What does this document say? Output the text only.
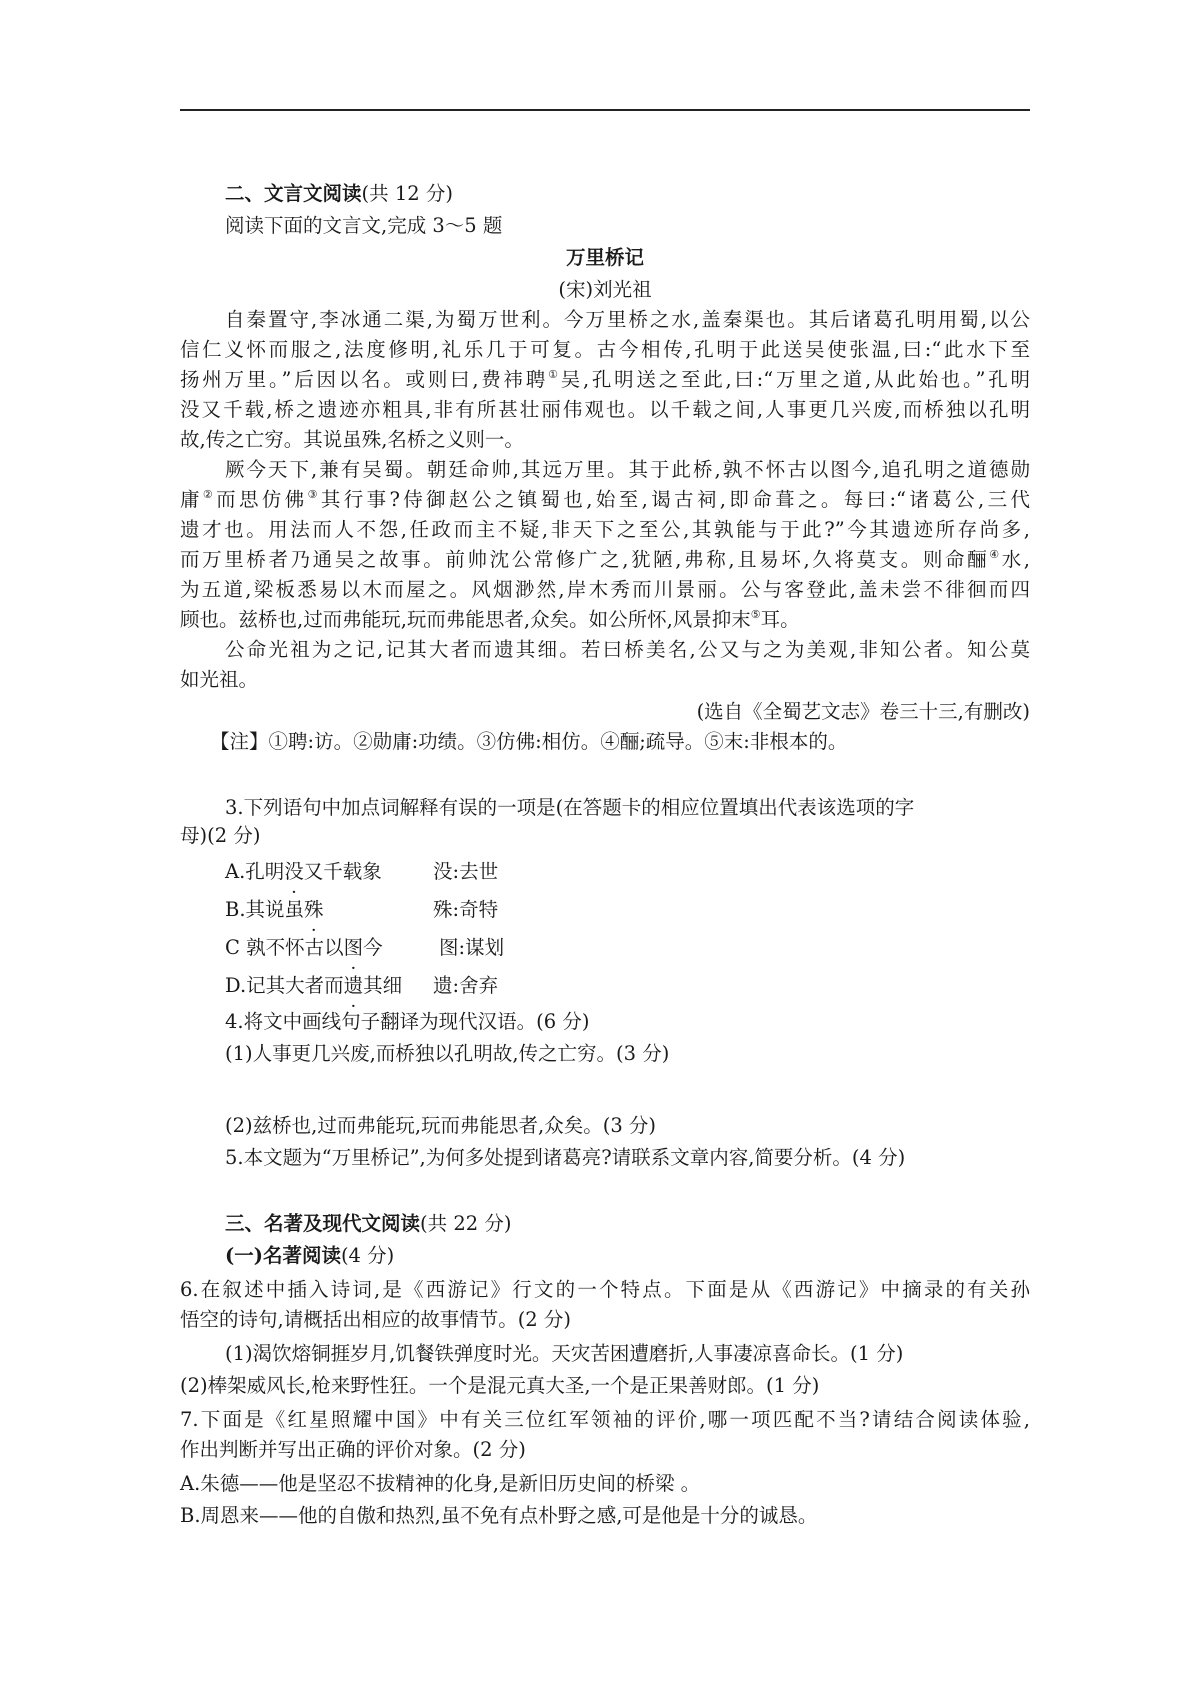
二、文言文阅读(共 12 分)
阅读下面的文言文,完成 3～5 题
万里桥记
(宋)刘光祖
自秦置守,李冰通二渠,为蜀万世利。今万里桥之水,盖秦渠也。其后诸葛孔明用蜀,以公
信仁义怀而服之,法度修明,礼乐几于可复。古今相传,孔明于此送吴使张温,曰:“此水下至
扬州万里。”后因以名。或则曰,费祎聘①吴,孔明送之至此,曰:“万里之道,从此始也。”孔明
没又千载,桥之遗迹亦粗具,非有所甚壮丽伟观也。以千载之间,人事更几兴废,而桥独以孔明
故,传之亡穷。其说虽殊,名桥之义则一。
厥今天下,兼有吴蜀。朝廷命帅,其远万里。其于此桥,孰不怀古以图今,追孔明之道德勋
庸②而思仿佛③其行事?侍御赵公之镇蜀也,始至,谒古祠,即命葺之。每曰:“诸葛公,三代
遗才也。用法而人不怨,任政而主不疑,非天下之至公,其孰能与于此?”今其遗迹所存尚多,
而万里桥者乃通吴之故事。前帅沈公常修广之,犹陋,弗称,且易坏,久将莫支。则命酾④水,
为五道,梁板悉易以木而屋之。风烟渺然,岸木秀而川景丽。公与客登此,盖未尝不徘徊而四
顾也。兹桥也,过而弗能玩,玩而弗能思者,众矣。如公所怀,风景抑末⑤耳。
公命光祖为之记,记其大者而遗其细。若曰桥美名,公又与之为美观,非知公者。知公莫
如光祖。
(选自《全蜀艺文志》卷三十三,有删改)
【注】①聘:访。②勋庸:功绩。③仿佛:相仿。④酾;疏导。⑤末:非根本的。
3.下列语句中加点词解释有误的一项是(在答题卡的相应位置填出代表该选项的字
母)(2 分)
A.孔明没又千载象	没:去世
B.其说虽殊	殊:奇特
C 孰不怀古以图今	图:谋划
D.记其大者而遗其细 遗:舍弃
4.将文中画线句子翻译为现代汉语。(6 分)
(1)人事更几兴废,而桥独以孔明故,传之亡穷。(3 分)
(2)兹桥也,过而弗能玩,玩而弗能思者,众矣。(3 分)
5.本文题为“万里桥记”,为何多处提到诸葛亮?请联系文章内容,简要分析。(4 分)
三、名著及现代文阅读(共 22 分)
(一)名著阅读(4 分)
6.在叙述中插入诗词,是《西游记》行文的一个特点。下面是从《西游记》中摘录的有关孙
悟空的诗句,请概括出相应的故事情节。(2 分)
(1)渴饮熔铜捱岁月,饥餐铁弹度时光。天灾苦困遭磨折,人事凄凉喜命长。(1 分)
(2)棒架威风长,枪来野性狂。一个是混元真大圣,一个是正果善财郎。(1 分)
7.下面是《红星照耀中国》中有关三位红军领袖的评价,哪一项匹配不当?请结合阅读体验,
作出判断并写出正确的评价对象。(2 分)
A.朱德——他是坚忍不拔精神的化身,是新旧历史间的桥梁 。
B.周恩来——他的自傲和热烈,虽不免有点朴野之感,可是他是十分的诚恳。
